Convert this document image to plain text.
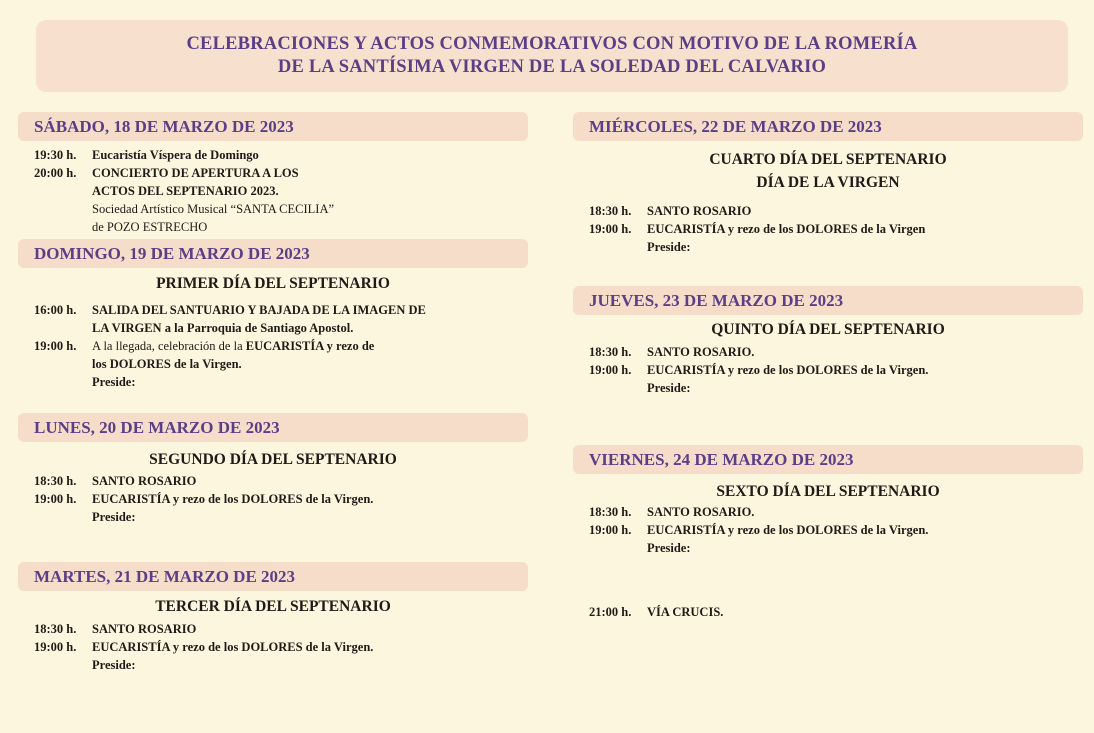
CELEBRACIONES Y ACTOS CONMEMORATIVOS CON MOTIVO DE LA ROMERÍA
DE LA SANTÍSIMA VIRGEN DE LA SOLEDAD DEL CALVARIO
SÁBADO, 18 DE MARZO DE 2023
19:30 h.	Eucaristía Víspera de Domingo
20:00 h.	CONCIERTO DE APERTURA A LOS
ACTOS DEL SEPTENARIO 2023.
Sociedad Artístico Musical “SANTA CECILIA”
de POZO ESTRECHO
DOMINGO, 19 DE MARZO DE 2023
PRIMER DÍA DEL SEPTENARIO
16:00 h.	SALIDA DEL SANTUARIO Y BAJADA DE LA IMAGEN DE
LA VIRGEN a la Parroquia de Santiago Apostol.
19:00 h.	A la llegada, celebración de la EUCARISTÍA y rezo de
los DOLORES de la Virgen.
Preside:
LUNES, 20 DE MARZO DE 2023
SEGUNDO DÍA DEL SEPTENARIO
18:30 h.	SANTO ROSARIO
19:00 h.	EUCARISTÍA y rezo de los DOLORES de la Virgen.
Preside:
MARTES, 21 DE MARZO DE 2023
TERCER DÍA DEL SEPTENARIO
18:30 h.	SANTO ROSARIO
19:00 h.	EUCARISTÍA y rezo de los DOLORES de la Virgen.
Preside:
MIÉRCOLES, 22 DE MARZO DE 2023
CUARTO DÍA DEL SEPTENARIO
DÍA DE LA VIRGEN
18:30 h.	SANTO ROSARIO
19:00 h.	EUCARISTÍA y rezo de los DOLORES de la Virgen
Preside:
JUEVES, 23 DE MARZO DE 2023
QUINTO DÍA DEL SEPTENARIO
18:30 h.	SANTO ROSARIO.
19:00 h.	EUCARISTÍA y rezo de los DOLORES de la Virgen.
Preside:
VIERNES, 24 DE MARZO DE 2023
SEXTO DÍA DEL SEPTENARIO
18:30 h.	SANTO ROSARIO.
19:00 h.	EUCARISTÍA y rezo de los DOLORES de la Virgen.
Preside:
21:00 h.	VÍA CRUCIS.
